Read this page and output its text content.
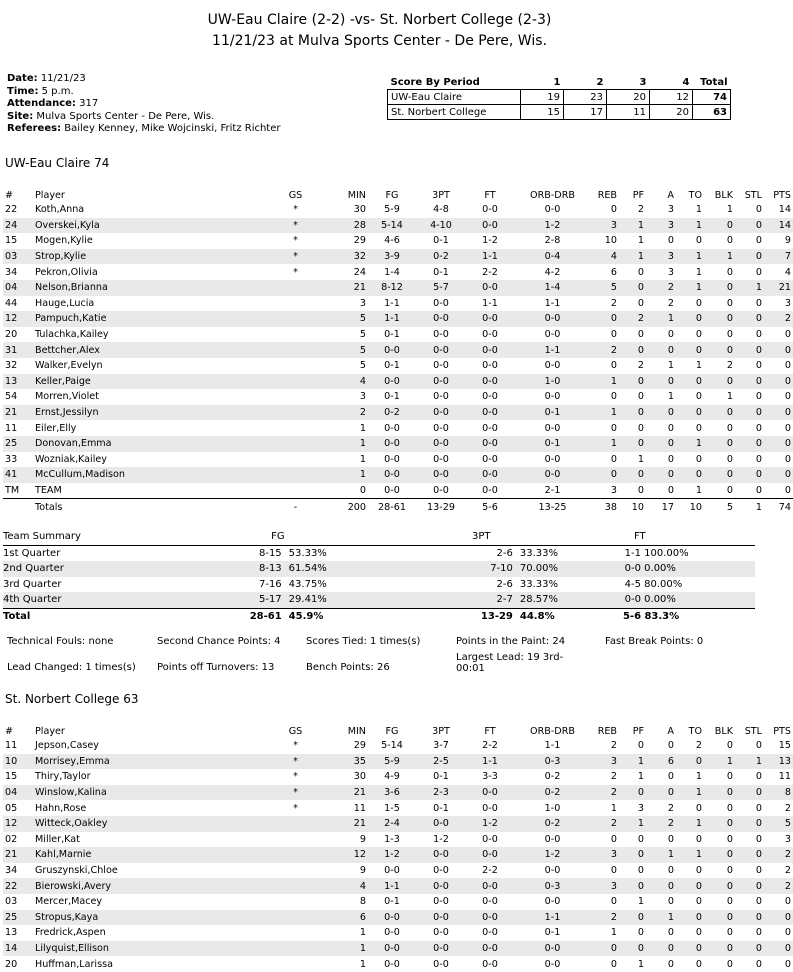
UW-Eau Claire (2-2) -vs- St. Norbert College (2-3)
11/21/23 at Mulva Sports Center - De Pere, Wis.
Date: 11/21/23
Time: 5 p.m.
Attendance: 317
Site: Mulva Sports Center - De Pere, Wis.
Referees: Bailey Kenney, Mike Wojcinski, Fritz Richter
Score By Period	1	2	3	4	Total
UW-Eau Claire	19	23	20	12	74
St. Norbert College	15	17	11	20	63
UW-Eau Claire 74
#	Player	GS	MIN	FG	3PT	FT	ORB-DRB	REB	PF	A	TO	BLK	STL	PTS
22	Koth,Anna	*	30	5-9	4-8	0-0	0-0	0	2	3	1	1	0	14
24	Overskei,Kyla	*	28	5-14	4-10	0-0	1-2	3	1	3	1	0	0	14
15	Mogen,Kylie	*	29	4-6	0-1	1-2	2-8	10	1	0	0	0	0	9
03	Strop,Kylie	*	32	3-9	0-2	1-1	0-4	4	1	3	1	1	0	7
34	Pekron,Olivia	*	24	1-4	0-1	2-2	4-2	6	0	3	1	0	0	4
04	Nelson,Brianna		21	8-12	5-7	0-0	1-4	5	0	2	1	0	1	21
44	Hauge,Lucia		3	1-1	0-0	1-1	1-1	2	0	2	0	0	0	3
12	Pampuch,Katie		5	1-1	0-0	0-0	0-0	0	2	1	0	0	0	2
20	Tulachka,Kailey		5	0-1	0-0	0-0	0-0	0	0	0	0	0	0	0
31	Bettcher,Alex		5	0-0	0-0	0-0	1-1	2	0	0	0	0	0	0
32	Walker,Evelyn		5	0-1	0-0	0-0	0-0	0	2	1	1	2	0	0
13	Keller,Paige		4	0-0	0-0	0-0	1-0	1	0	0	0	0	0	0
54	Morren,Violet		3	0-1	0-0	0-0	0-0	0	0	1	0	1	0	0
21	Ernst,Jessilyn		2	0-2	0-0	0-0	0-1	1	0	0	0	0	0	0
11	Eiler,Elly		1	0-0	0-0	0-0	0-0	0	0	0	0	0	0	0
25	Donovan,Emma		1	0-0	0-0	0-0	0-1	1	0	0	1	0	0	0
33	Wozniak,Kailey		1	0-0	0-0	0-0	0-0	0	1	0	0	0	0	0
41	McCullum,Madison		1	0-0	0-0	0-0	0-0	0	0	0	0	0	0	0
TM	TEAM		0	0-0	0-0	0-0	2-1	3	0	0	1	0	0	0
	Totals	-	200	28-61	13-29	5-6	13-25	38	10	17	10	5	1	74
Team Summary	FG		3PT		FT
1st Quarter	8-15	53.33%	2-6	33.33%	1-1 100.00%
2nd Quarter	8-13	61.54%	7-10	70.00%	0-0 0.00%
3rd Quarter	7-16	43.75%	2-6	33.33%	4-5 80.00%
4th Quarter	5-17	29.41%	2-7	28.57%	0-0 0.00%
Total	28-61	45.9%	13-29	44.8%	5-6 83.3%
Technical Fouls: none	Second Chance Points: 4	Scores Tied: 1 times(s)	Points in the Paint: 24	Fast Break Points: 0
Largest Lead: 19 3rd-
Lead Changed: 1 times(s) Points off Turnovers: 13	Bench Points: 26	00:01
St. Norbert College 63
#	Player	GS	MIN	FG	3PT	FT	ORB-DRB	REB	PF	A	TO	BLK	STL	PTS
11	Jepson,Casey	*	29	5-14	3-7	2-2	1-1	2	0	0	2	0	0	15
10	Morrisey,Emma	*	35	5-9	2-5	1-1	0-3	3	1	6	0	1	1	13
15	Thiry,Taylor	*	30	4-9	0-1	3-3	0-2	2	1	0	1	0	0	11
04	Winslow,Kalina	*	21	3-6	2-3	0-0	0-2	2	0	0	1	0	0	8
05	Hahn,Rose	*	11	1-5	0-1	0-0	1-0	1	3	2	0	0	0	2
12	Witteck,Oakley		21	2-4	0-0	1-2	0-2	2	1	2	1	0	0	5
02	Miller,Kat		9	1-3	1-2	0-0	0-0	0	0	0	0	0	0	3
21	Kahl,Marnie		12	1-2	0-0	0-0	1-2	3	0	1	1	0	0	2
34	Gruszynski,Chloe		9	0-0	0-0	2-2	0-0	0	0	0	0	0	0	2
22	Bierowski,Avery		4	1-1	0-0	0-0	0-3	3	0	0	0	0	0	2
03	Mercer,Macey		8	0-1	0-0	0-0	0-0	0	1	0	0	0	0	0
25	Stropus,Kaya		6	0-0	0-0	0-0	1-1	2	0	1	0	0	0	0
13	Fredrick,Aspen		1	0-0	0-0	0-0	0-1	1	0	0	0	0	0	0
14	Lilyquist,Ellison		1	0-0	0-0	0-0	0-0	0	0	0	0	0	0	0
20	Huffman,Larissa		1	0-0	0-0	0-0	0-0	0	1	0	0	0	0	0
